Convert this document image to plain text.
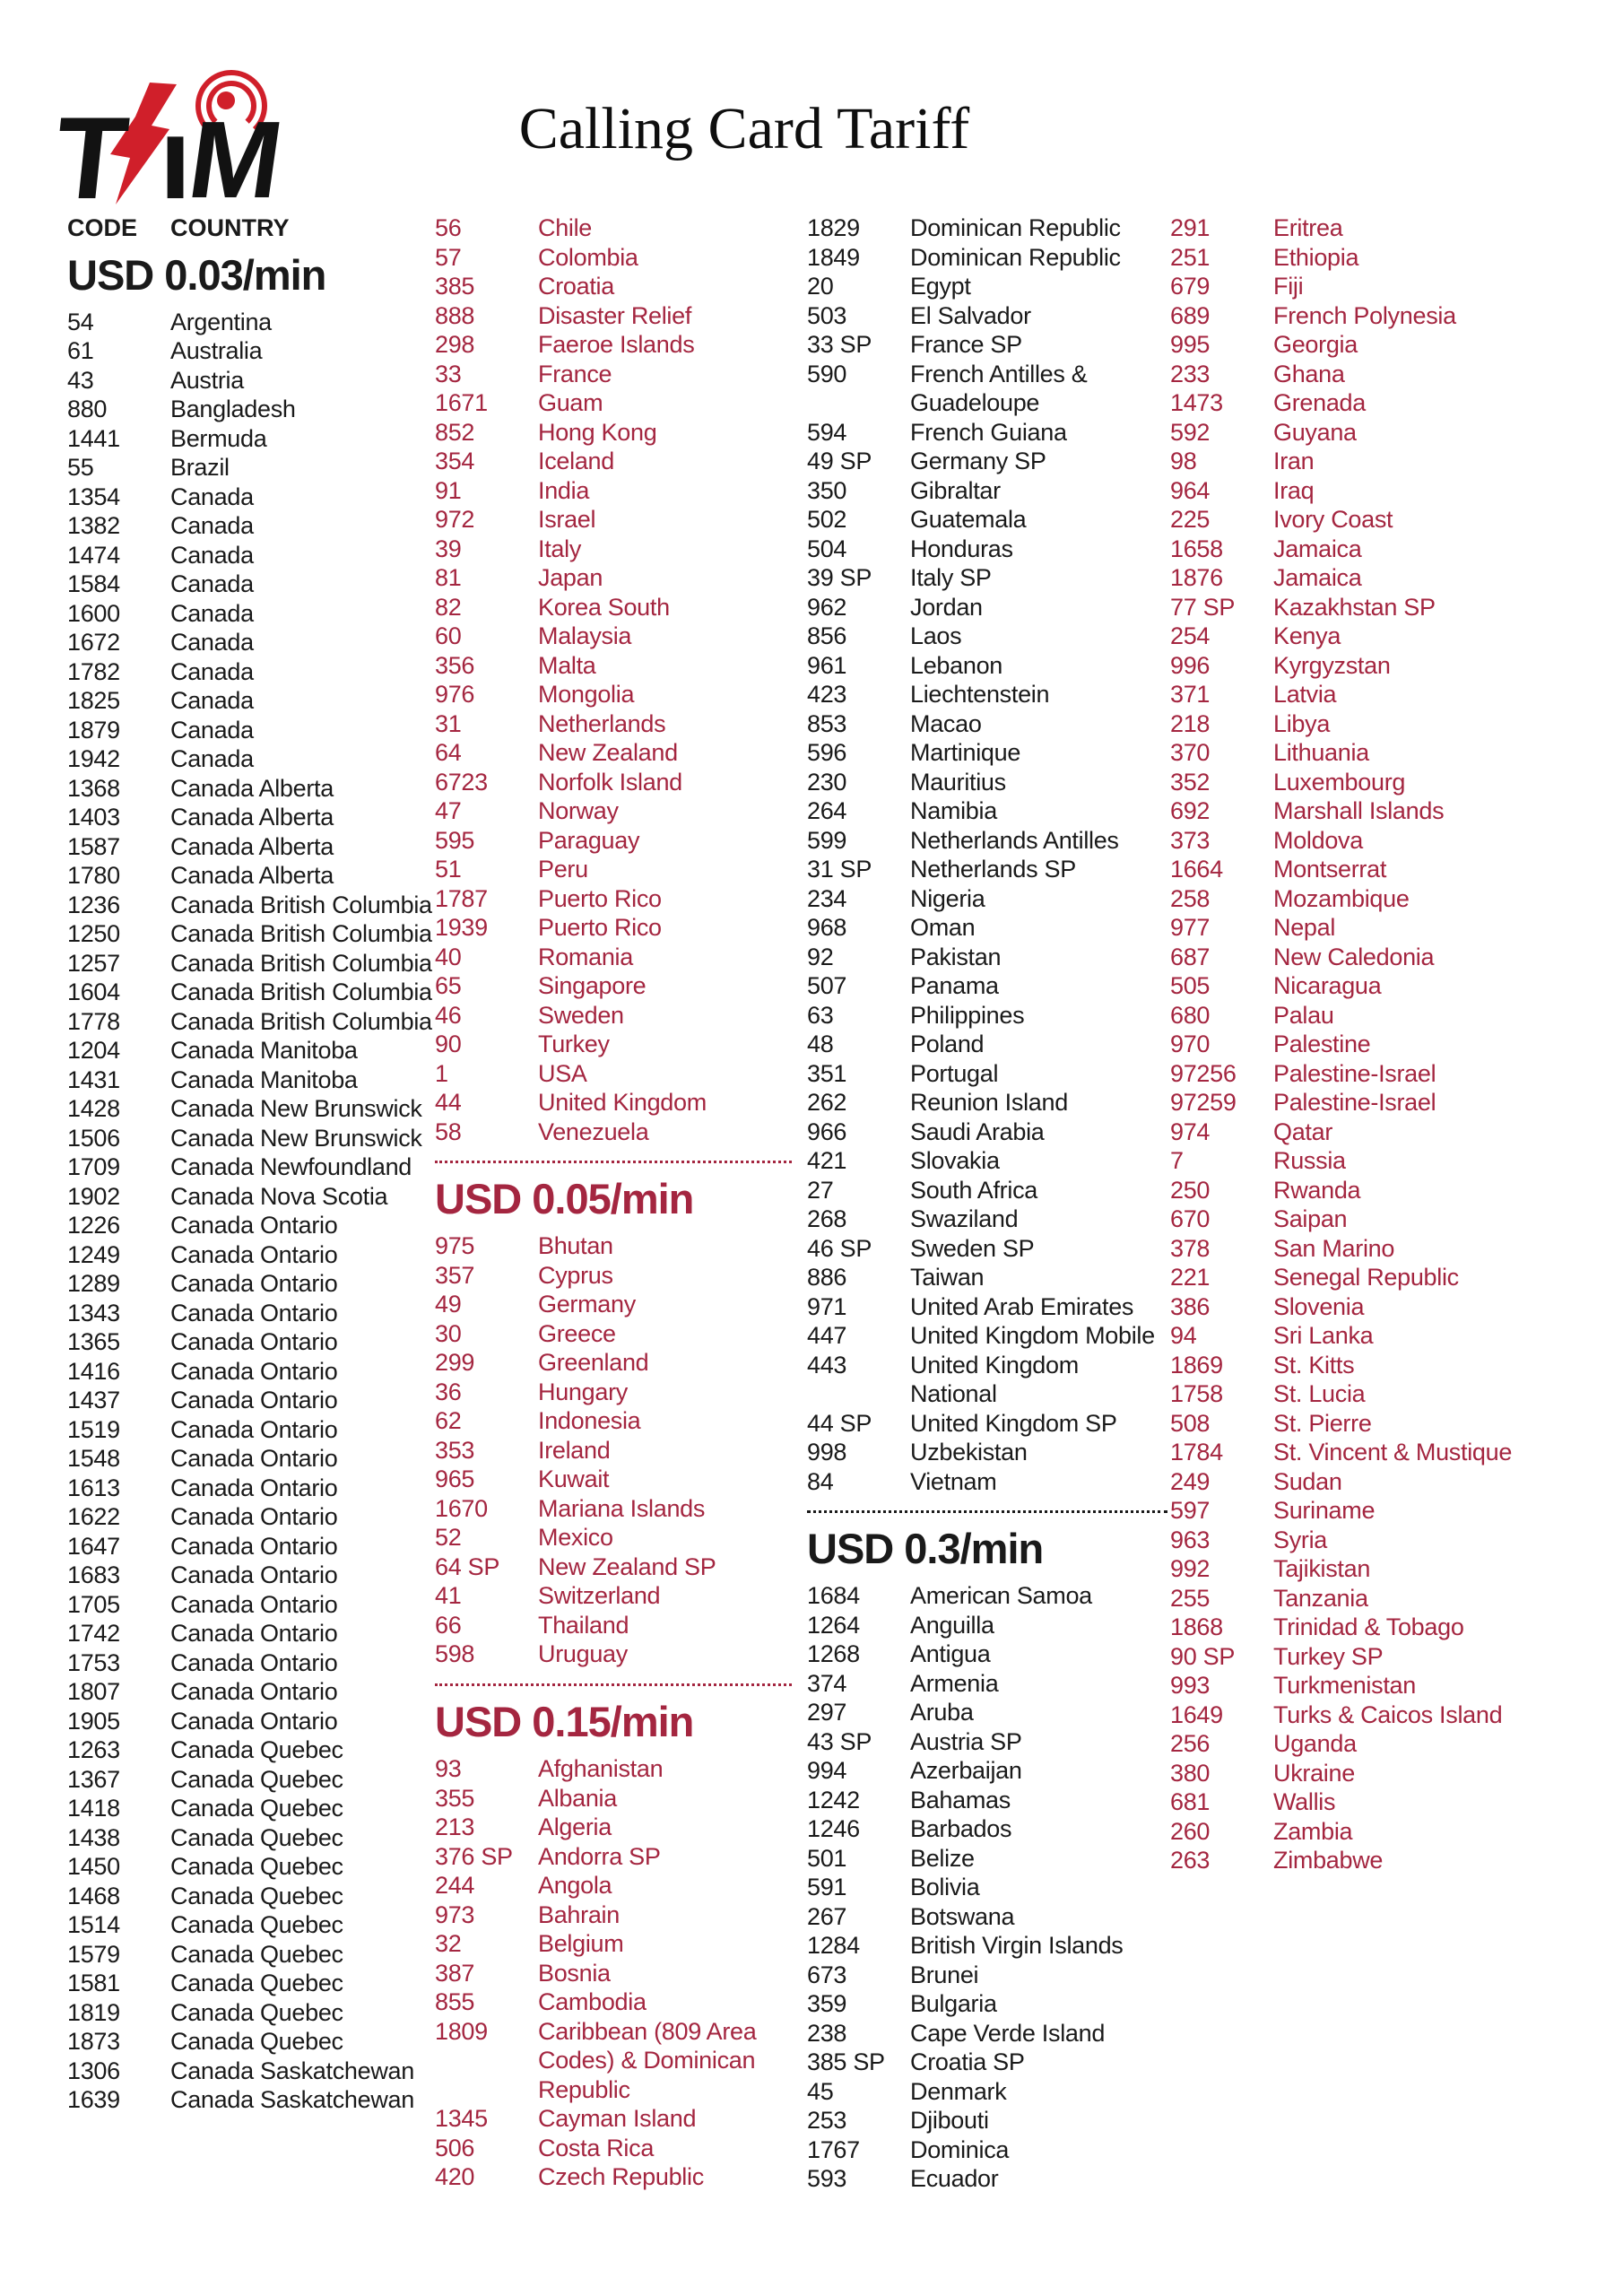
T ı
M	Calling Card Tariff
CODE	COUNTRY
USD 0.03/min
54	Argentina
61	Australia
43	Austria
880	Bangladesh
1441	Bermuda
55	Brazil
1354	Canada
1382	Canada
1474	Canada
1584	Canada
1600	Canada
1672	Canada
1782	Canada
1825	Canada
1879	Canada
1942	Canada
1368	Canada Alberta
1403	Canada Alberta
1587	Canada Alberta
1780	Canada Alberta
1236	Canada British Columbia
1250	Canada British Columbia
1257	Canada British Columbia
1604	Canada British Columbia
1778	Canada British Columbia
1204	Canada Manitoba
1431	Canada Manitoba
1428	Canada New Brunswick
1506	Canada New Brunswick
1709	Canada Newfoundland
1902	Canada Nova Scotia
1226	Canada Ontario
1249	Canada Ontario
1289	Canada Ontario
1343	Canada Ontario
1365	Canada Ontario
1416	Canada Ontario
1437	Canada Ontario
1519	Canada Ontario
1548	Canada Ontario
1613	Canada Ontario
1622	Canada Ontario
1647	Canada Ontario
1683	Canada Ontario
1705	Canada Ontario
1742	Canada Ontario
1753	Canada Ontario
1807	Canada Ontario
1905	Canada Ontario
1263	Canada Quebec
1367	Canada Quebec
1418	Canada Quebec
1438	Canada Quebec
1450	Canada Quebec
1468	Canada Quebec
1514	Canada Quebec
1579	Canada Quebec
1581	Canada Quebec
1819	Canada Quebec
1873	Canada Quebec
1306	Canada Saskatchewan
1639	Canada Saskatchewan
56	Chile
57	Colombia
385	Croatia
888	Disaster Relief
298	Faeroe Islands
33	France
1671	Guam
852	Hong Kong
354	Iceland
91	India
972	Israel
39	Italy
81	Japan
82	Korea South
60	Malaysia
356	Malta
976	Mongolia
31	Netherlands
64	New Zealand
6723	Norfolk Island
47	Norway
595	Paraguay
51	Peru
1787	Puerto Rico
1939	Puerto Rico
40	Romania
65	Singapore
46	Sweden
90	Turkey
1	USA
44	United Kingdom
58	Venezuela
USD 0.05/min
975	Bhutan
357	Cyprus
49	Germany
30	Greece
299	Greenland
36	Hungary
62	Indonesia
353	Ireland
965	Kuwait
1670	Mariana Islands
52	Mexico
64 SP	New Zealand SP
41	Switzerland
66	Thailand
598	Uruguay
USD 0.15/min
93	Afghanistan
355	Albania
213	Algeria
376 SP	Andorra SP
244	Angola
973	Bahrain
32	Belgium
387	Bosnia
855	Cambodia
1809	Caribbean (809 Area Codes) & Dominican Republic
1345	Cayman Island
506	Costa Rica
420	Czech Republic
1829	Dominican Republic
1849	Dominican Republic
20	Egypt
503	El Salvador
33 SP	France SP
590	French Antilles & Guadeloupe
594	French Guiana
49 SP	Germany SP
350	Gibraltar
502	Guatemala
504	Honduras
39 SP	Italy SP
962	Jordan
856	Laos
961	Lebanon
423	Liechtenstein
853	Macao
596	Martinique
230	Mauritius
264	Namibia
599	Netherlands Antilles
31 SP	Netherlands SP
234	Nigeria
968	Oman
92	Pakistan
507	Panama
63	Philippines
48	Poland
351	Portugal
262	Reunion Island
966	Saudi Arabia
421	Slovakia
27	South Africa
268	Swaziland
46 SP	Sweden SP
886	Taiwan
971	United Arab Emirates
447	United Kingdom Mobile
443	United Kingdom National
44 SP	United Kingdom SP
998	Uzbekistan
84	Vietnam
USD 0.3/min
1684	American Samoa
1264	Anguilla
1268	Antigua
374	Armenia
297	Aruba
43 SP	Austria SP
994	Azerbaijan
1242	Bahamas
1246	Barbados
501	Belize
591	Bolivia
267	Botswana
1284	British Virgin Islands
673	Brunei
359	Bulgaria
238	Cape Verde Island
385 SP	Croatia SP
45	Denmark
253	Djibouti
1767	Dominica
593	Ecuador
291	Eritrea
251	Ethiopia
679	Fiji
689	French Polynesia
995	Georgia
233	Ghana
1473	Grenada
592	Guyana
98	Iran
964	Iraq
225	Ivory Coast
1658	Jamaica
1876	Jamaica
77 SP	Kazakhstan SP
254	Kenya
996	Kyrgyzstan
371	Latvia
218	Libya
370	Lithuania
352	Luxembourg
692	Marshall Islands
373	Moldova
1664	Montserrat
258	Mozambique
977	Nepal
687	New Caledonia
505	Nicaragua
680	Palau
970	Palestine
97256	Palestine-Israel
97259	Palestine-Israel
974	Qatar
7	Russia
250	Rwanda
670	Saipan
378	San Marino
221	Senegal Republic
386	Slovenia
94	Sri Lanka
1869	St. Kitts
1758	St. Lucia
508	St. Pierre
1784	St. Vincent & Mustique
249	Sudan
597	Suriname
963	Syria
992	Tajikistan
255	Tanzania
1868	Trinidad & Tobago
90 SP	Turkey SP
993	Turkmenistan
1649	Turks & Caicos Island
256	Uganda
380	Ukraine
681	Wallis
260	Zambia
263	Zimbabwe
